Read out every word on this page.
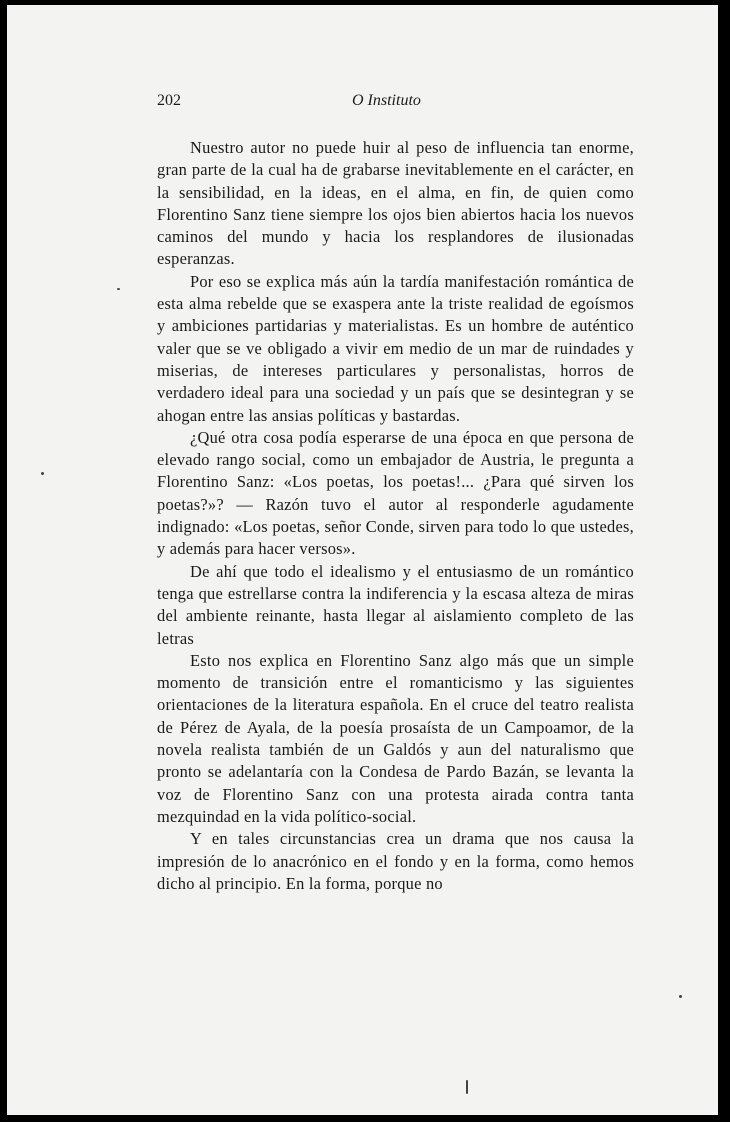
202	O Instituto

Nuestro autor no puede huir al peso de influencia tan enorme, gran parte de la cual ha de grabarse inevitablemente en el carácter, en la sensibilidad, en la ideas, en el alma, en fin, de quien como Florentino Sanz tiene siempre los ojos bien abiertos hacia los nuevos caminos del mundo y hacia los resplandores de ilusionadas esperanzas.

Por eso se explica más aún la tardía manifestación romántica de esta alma rebelde que se exaspera ante la triste realidad de egoísmos y ambiciones partidarias y materialistas. Es un hombre de auténtico valer que se ve obligado a vivir em medio de un mar de ruindades y miserias, de intereses particulares y personalistas, horros de verdadero ideal para una sociedad y un país que se desintegran y se ahogan entre las ansias políticas y bastardas.

¿Qué otra cosa podía esperarse de una época en que persona de elevado rango social, como un embajador de Austria, le pregunta a Florentino Sanz: «Los poetas, los poetas!... ¿Para qué sirven los poetas?»? — Razón tuvo el autor al responderle agudamente indignado: «Los poetas, señor Conde, sirven para todo lo que ustedes, y además para hacer versos».

De ahí que todo el idealismo y el entusiasmo de un romántico tenga que estrellarse contra la indiferencia y la escasa alteza de miras del ambiente reinante, hasta llegar al aislamiento completo de las letras

Esto nos explica en Florentino Sanz algo más que un simple momento de transición entre el romanticismo y las siguientes orientaciones de la literatura española. En el cruce del teatro realista de Pérez de Ayala, de la poesía prosaísta de un Campoamor, de la novela realista también de un Galdós y aun del naturalismo que pronto se adelantaría con la Condesa de Pardo Bazán, se levanta la voz de Florentino Sanz con una protesta airada contra tanta mezquindad en la vida político-social.

Y en tales circunstancias crea un drama que nos causa la impresión de lo anacrónico en el fondo y en la forma, como hemos dicho al principio. En la forma, porque no
